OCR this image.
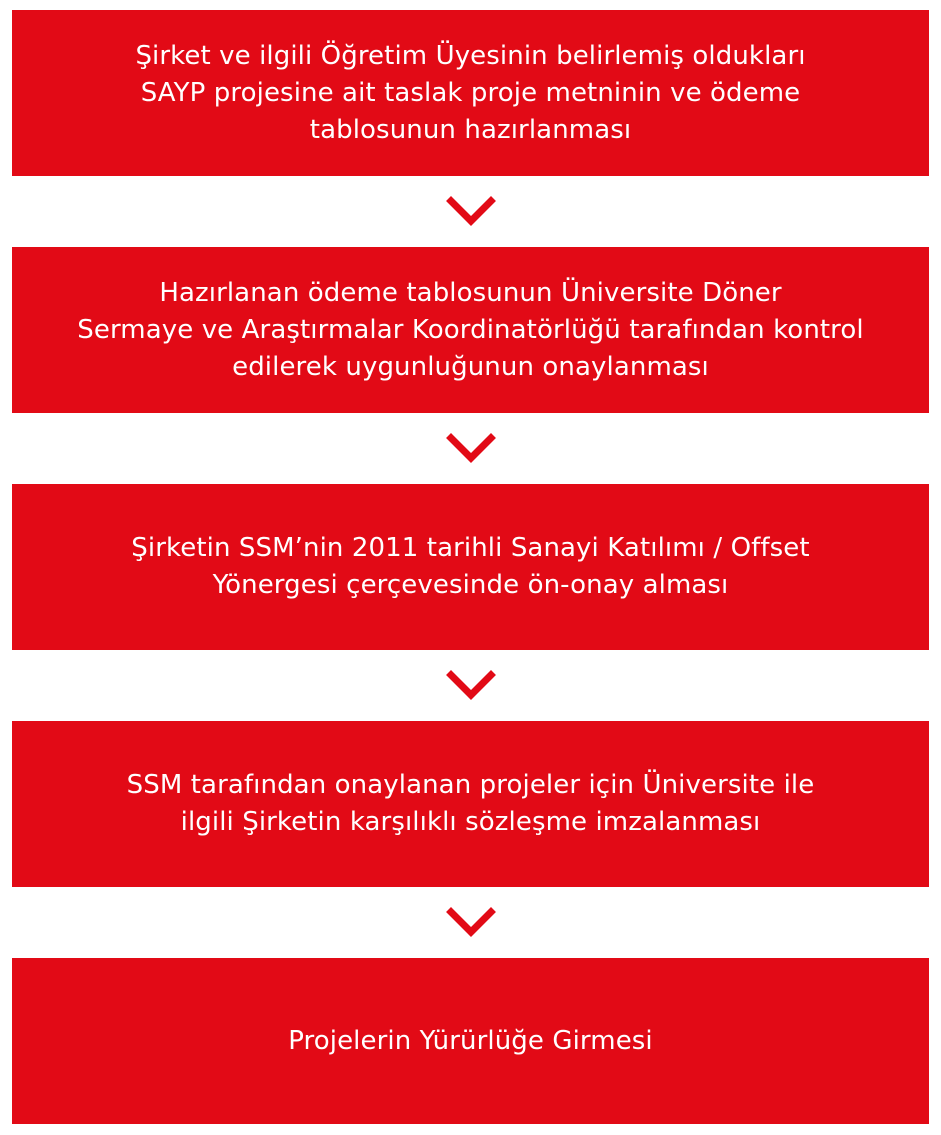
Şirket ve ilgili Öğretim Üyesinin belirlemiş oldukları
SAYP projesine ait taslak proje metninin ve ödeme
tablosunun hazırlanması
Hazırlanan ödeme tablosunun Üniversite Döner
Sermaye ve Araştırmalar Koordinatörlüğü tarafından kontrol
edilerek uygunluğunun onaylanması
Şirketin SSM’nin 2011 tarihli Sanayi Katılımı / Offset
Yönergesi çerçevesinde ön-onay alması
SSM tarafından onaylanan projeler için Üniversite ile
ilgili Şirketin karşılıklı sözleşme imzalanması
Projelerin Yürürlüğe Girmesi
